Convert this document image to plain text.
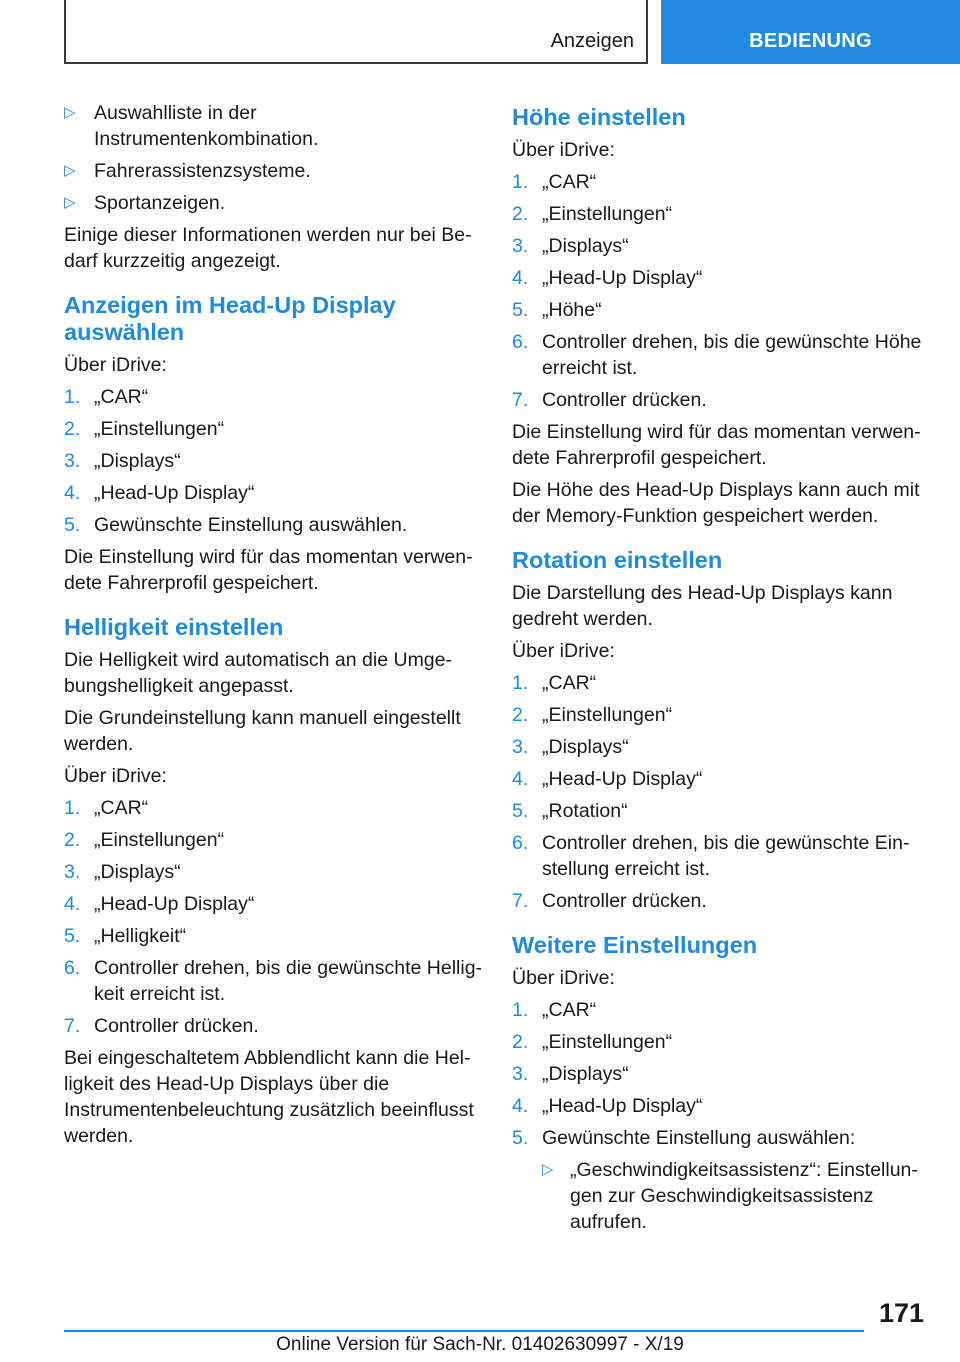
Anzeigen	BEDIENUNG
▷ Auswahlliste in der Instrumentenkombination.
▷ Fahrerassistenzsysteme.
▷ Sportanzeigen.

Einige dieser Informationen werden nur bei Bedarf kurzzeitig angezeigt.

Anzeigen im Head-Up Display auswählen

Über iDrive:

1. „CAR“
2. „Einstellungen“
3. „Displays“
4. „Head-Up Display“
5. Gewünschte Einstellung auswählen.

Die Einstellung wird für das momentan verwendete Fahrerprofil gespeichert.

Helligkeit einstellen

Die Helligkeit wird automatisch an die Umgebungshelligkeit angepasst.

Die Grundeinstellung kann manuell eingestellt werden.

Über iDrive:

1. „CAR“
2. „Einstellungen“
3. „Displays“
4. „Head-Up Display“
5. „Helligkeit“
6. Controller drehen, bis die gewünschte Helligkeit erreicht ist.
7. Controller drücken.

Bei eingeschaltetem Abblendlicht kann die Helligkeit des Head-Up Displays über die Instrumentenbeleuchtung zusätzlich beeinflusst werden.

Höhe einstellen

Über iDrive:

1. „CAR“
2. „Einstellungen“
3. „Displays“
4. „Head-Up Display“
5. „Höhe“
6. Controller drehen, bis die gewünschte Höhe erreicht ist.
7. Controller drücken.

Die Einstellung wird für das momentan verwendete Fahrerprofil gespeichert.

Die Höhe des Head-Up Displays kann auch mit der Memory-Funktion gespeichert werden.

Rotation einstellen

Die Darstellung des Head-Up Displays kann gedreht werden.

Über iDrive:

1. „CAR“
2. „Einstellungen“
3. „Displays“
4. „Head-Up Display“
5. „Rotation“
6. Controller drehen, bis die gewünschte Einstellung erreicht ist.
7. Controller drücken.
Weitere Einstellungen

Über iDrive:

1. „CAR“
2. „Einstellungen“
3. „Displays“
4. „Head-Up Display“
5. Gewünschte Einstellung auswählen:
▷ „Geschwindigkeitsassistenz“: Einstellungen zur Geschwindigkeitsassistenz aufrufen.
171
Online Version für Sach-Nr. 01402630997 - X/19
